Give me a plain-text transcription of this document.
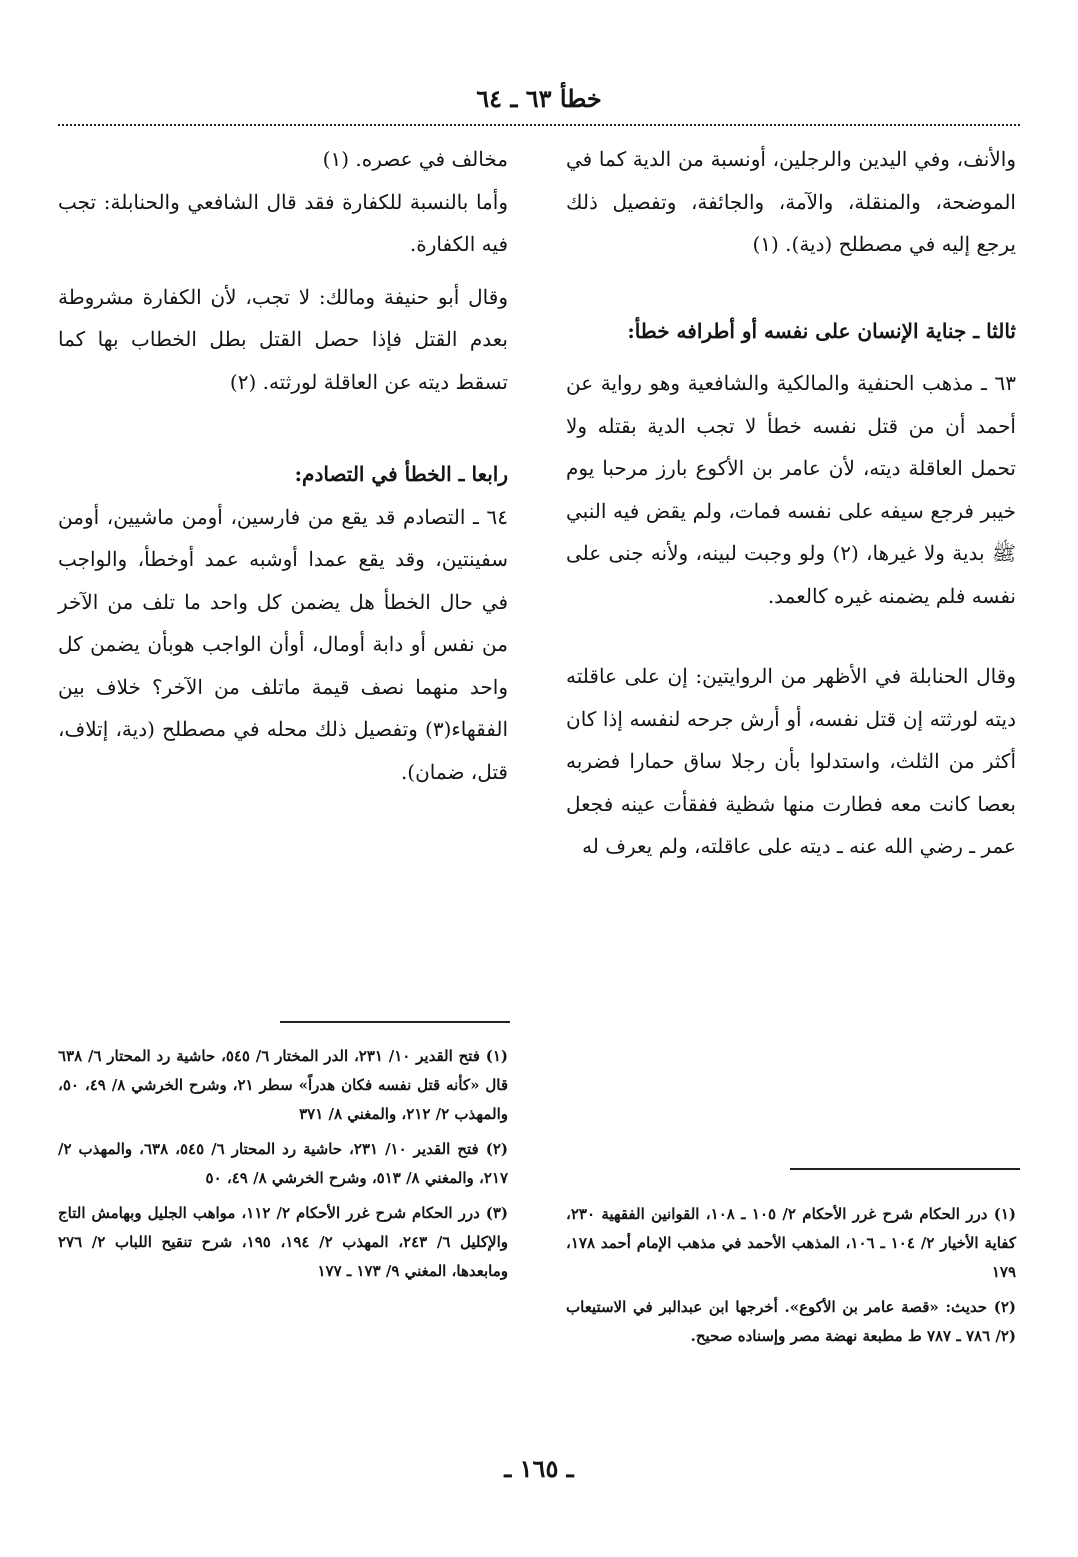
خطأ ٦٣ ـ ٦٤

والأنف، وفي اليدين والرجلين، أونسبة من الدية كما في الموضحة، والمنقلة، والآمة، والجائفة، وتفصيل ذلك يرجع إليه في مصطلح (دية). (١)

ثالثا ـ جناية الإنسان على نفسه أو أطرافه خطأ:

٦٣ ـ مذهب الحنفية والمالكية والشافعية وهو رواية عن أحمد أن من قتل نفسه خطأ لا تجب الدية بقتله ولا تحمل العاقلة ديته، لأن عامر بن الأكوع بارز مرحبا يوم خيبر فرجع سيفه على نفسه فمات، ولم يقض فيه النبي ﷺ بدية ولا غيرها، (٢) ولو وجبت لبينه، ولأنه جنى على نفسه فلم يضمنه غيره كالعمد.

وقال الحنابلة في الأظهر من الروايتين: إن على عاقلته ديته لورثته إن قتل نفسه، أو أرش جرحه لنفسه إذا كان أكثر من الثلث، واستدلوا بأن رجلا ساق حمارا فضربه بعصا كانت معه فطارت منها شظية ففقأت عينه فجعل عمر ـ رضي الله عنه ـ ديته على عاقلته، ولم يعرف له

مخالف في عصره. (١)

وأما بالنسبة للكفارة فقد قال الشافعي والحنابلة: تجب فيه الكفارة.

وقال أبو حنيفة ومالك: لا تجب، لأن الكفارة مشروطة بعدم القتل فإذا حصل القتل بطل الخطاب بها كما تسقط ديته عن العاقلة لورثته. (٢)

رابعا ـ الخطأ في التصادم:

٦٤ ـ التصادم قد يقع من فارسين، أومن ماشيين، أومن سفينتين، وقد يقع عمدا أوشبه عمد أوخطأ، والواجب في حال الخطأ هل يضمن كل واحد ما تلف من الآخر من نفس أو دابة أومال، أوأن الواجب هوبأن يضمن كل واحد منهما نصف قيمة ماتلف من الآخر؟ خلاف بين الفقهاء(٣) وتفصيل ذلك محله في مصطلح (دية، إتلاف، قتل، ضمان).

(١) درر الحكام شرح غرر الأحكام ٢/ ١٠٥ ـ ١٠٨، القوانين الفقهية ٢٣٠، كفاية الأخيار ٢/ ١٠٤ ـ ١٠٦، المذهب الأحمد في مذهب الإمام أحمد ١٧٨، ١٧٩

(٢) حديث: «قصة عامر بن الأكوع». أخرجها ابن عبدالبر في الاستيعاب (٢/ ٧٨٦ ـ ٧٨٧ ط مطبعة نهضة مصر وإسناده صحيح.

(١) فتح القدير ١٠/ ٢٣١، الدر المختار ٦/ ٥٤٥، حاشية رد المحتار ٦/ ٦٣٨ قال «كأنه قتل نفسه فكان هدراً» سطر ٢١، وشرح الخرشي ٨/ ٤٩، ٥٠، والمهذب ٢/ ٢١٢، والمغني ٨/ ٣٧١

(٢) فتح القدير ١٠/ ٢٣١، حاشية رد المحتار ٦/ ٥٤٥، ٦٣٨، والمهذب ٢/ ٢١٧، والمغني ٨/ ٥١٣، وشرح الخرشي ٨/ ٤٩، ٥٠

(٣) درر الحكام شرح غرر الأحكام ٢/ ١١٢، مواهب الجليل وبهامش التاج والإكليل ٦/ ٢٤٣، المهذب ٢/ ١٩٤، ١٩٥، شرح تنقيح اللباب ٢/ ٢٧٦ ومابعدها، المغني ٩/ ١٧٣ ـ ١٧٧

ـ ١٦٥ ـ
